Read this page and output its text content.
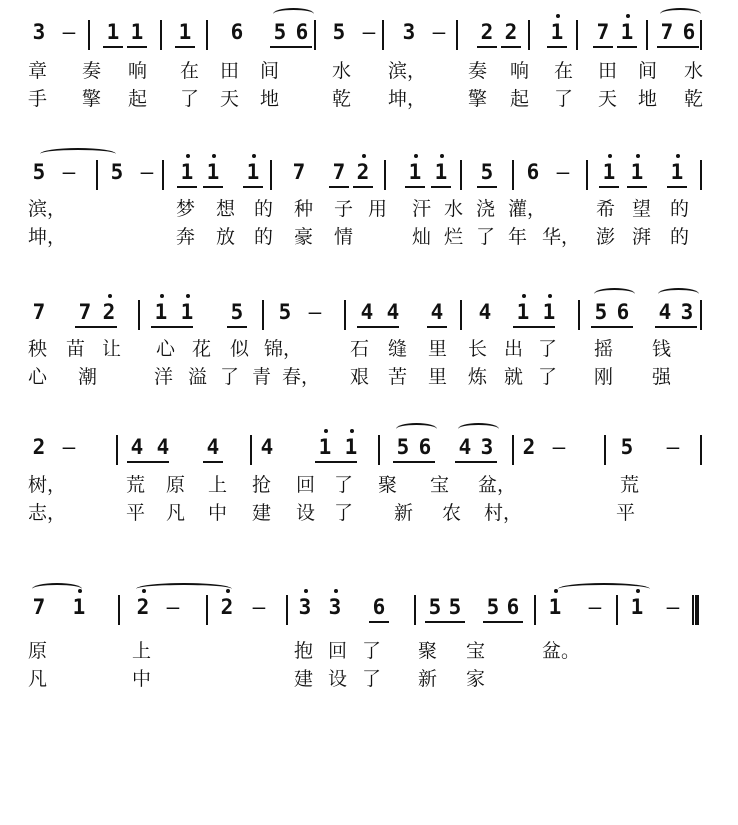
3 – 1 1 1 6 5 6 5 – 3 – 2 2 1 7 1 7 6
5 – 5 – 1 1 1 7 7 2 1 1 5 6 – 1 1 1
7 7 2 1 1 5 5 – 4 4 4 4 1 1 5 6 4 3
2 –	4 4 4 4 1 1 5 6 4 3 2 –	5 –
7 1 2 – 2 – 3 3 6 5 5 5 6 1 – 1 –
章 奏 响 在 田 间	水 滨，	奏 响 在 田 间 水
手 擎 起 了 天 地	乾 坤，	擎 起 了 天 地 乾
滨，	梦 想 的 种 子 用 汗 水 浇 灌，	希 望 的
坤，	奔 放 的 豪 情	灿 烂 了 年 华， 澎 湃 的
秧 苗 让 心 花 似 锦，	石 缝 里 长 出 了 摇 钱
心 潮	洋 溢 了 青 春，	艰 苦 里 炼 就 了 刚 强
树，	荒 原 上 抢 回 了 聚 宝 盆，	荒
志，	平 凡 中 建 设 了 新 农 村，	平
原	上	抱 回 了 聚 宝	盆。
凡	中	建 设 了 新 家
